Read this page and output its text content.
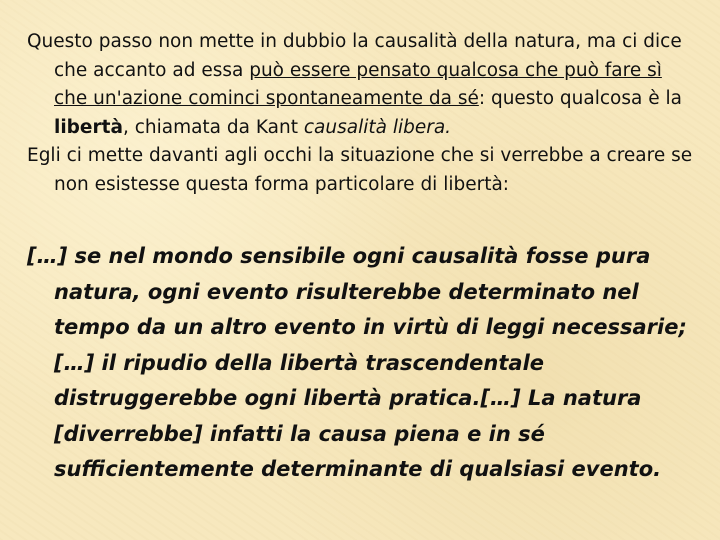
Questo passo non mette in dubbio la causalità della natura, ma ci dice che accanto ad essa può essere pensato qualcosa che può fare sì che un'azione cominci spontaneamente da sé: questo qualcosa è la libertà, chiamata da Kant causalità libera.

Egli ci mette davanti agli occhi la situazione che si verrebbe a creare se non esistesse questa forma particolare di libertà:

[…] se nel mondo sensibile ogni causalità fosse pura natura, ogni evento risulterebbe determinato nel tempo da un altro evento in virtù di leggi necessarie; […] il ripudio della libertà trascendentale distruggerebbe ogni libertà pratica.[…] La natura [diverrebbe] infatti la causa piena e in sé sufficientemente determinante di qualsiasi evento.
